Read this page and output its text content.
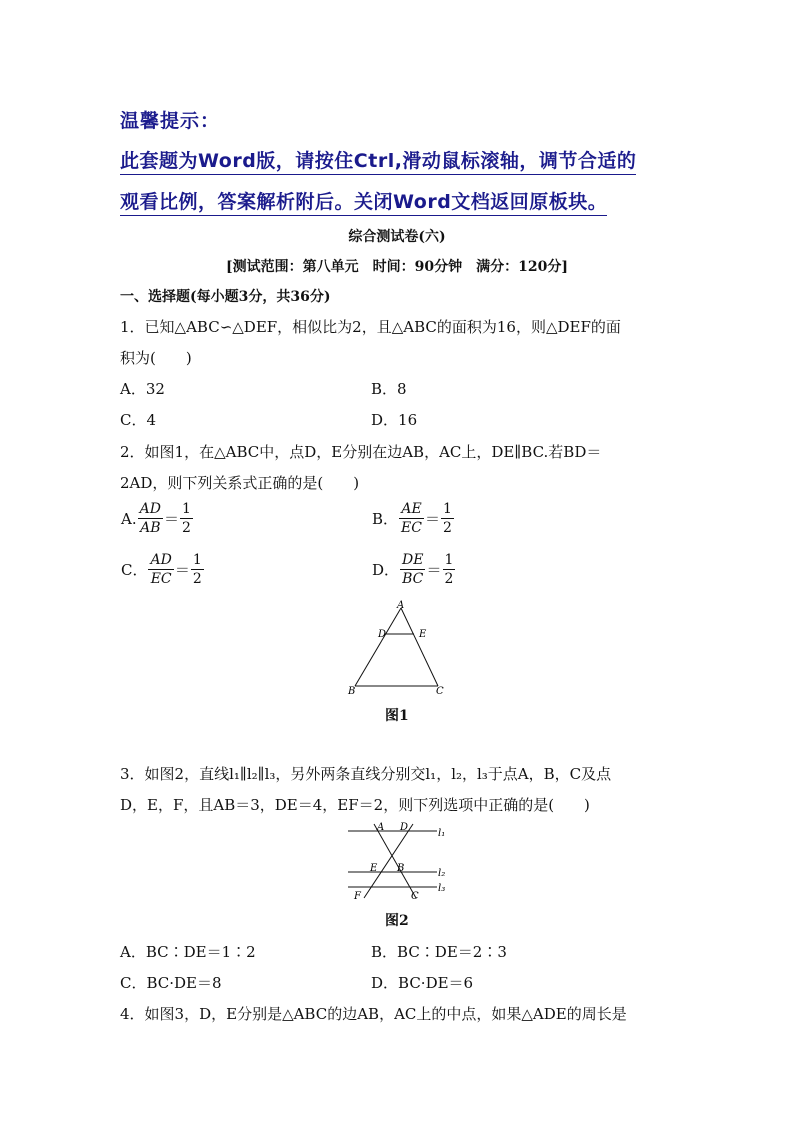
温馨提示：
此套题为Word版，请按住Ctrl,滑动鼠标滚轴，调节合适的
观看比例，答案解析附后。关闭Word文档返回原板块。
综合测试卷(六)
[测试范围：第八单元　时间：90分钟　满分：120分]
一、选择题(每小题3分，共36分)
1．已知△ABC∽△DEF，相似比为2，且△ABC的面积为16，则△DEF的面
积为(　　)
A．32	B．8
C．4	D．16
2．如图1，在△ABC中，点D，E分别在边AB，AC上，DE∥BC.若BD＝
2AD，则下列关系式正确的是(　　)
A. $\frac{AD}{AB} = \frac{1}{2}$	B． $\frac{AE}{EC} = \frac{1}{2}$
C． $\frac{AD}{EC} = \frac{1}{2}$	D． $\frac{DE}{BC} = \frac{1}{2}$
A
D	E
B	C
图1
3．如图2，直线l₁∥l₂∥l₃，另外两条直线分别交l₁，l₂，l₃于点A，B，C及点
D，E，F，且AB＝3，DE＝4，EF＝2，则下列选项中正确的是(　　)
A D
E B
F	C
l₁
l₂
l₃
图2
A．BC∶DE＝1∶2	B．BC∶DE＝2∶3
C．BC·DE＝8	D．BC·DE＝6
4．如图3，D，E分别是△ABC的边AB，AC上的中点，如果△ADE的周长是
